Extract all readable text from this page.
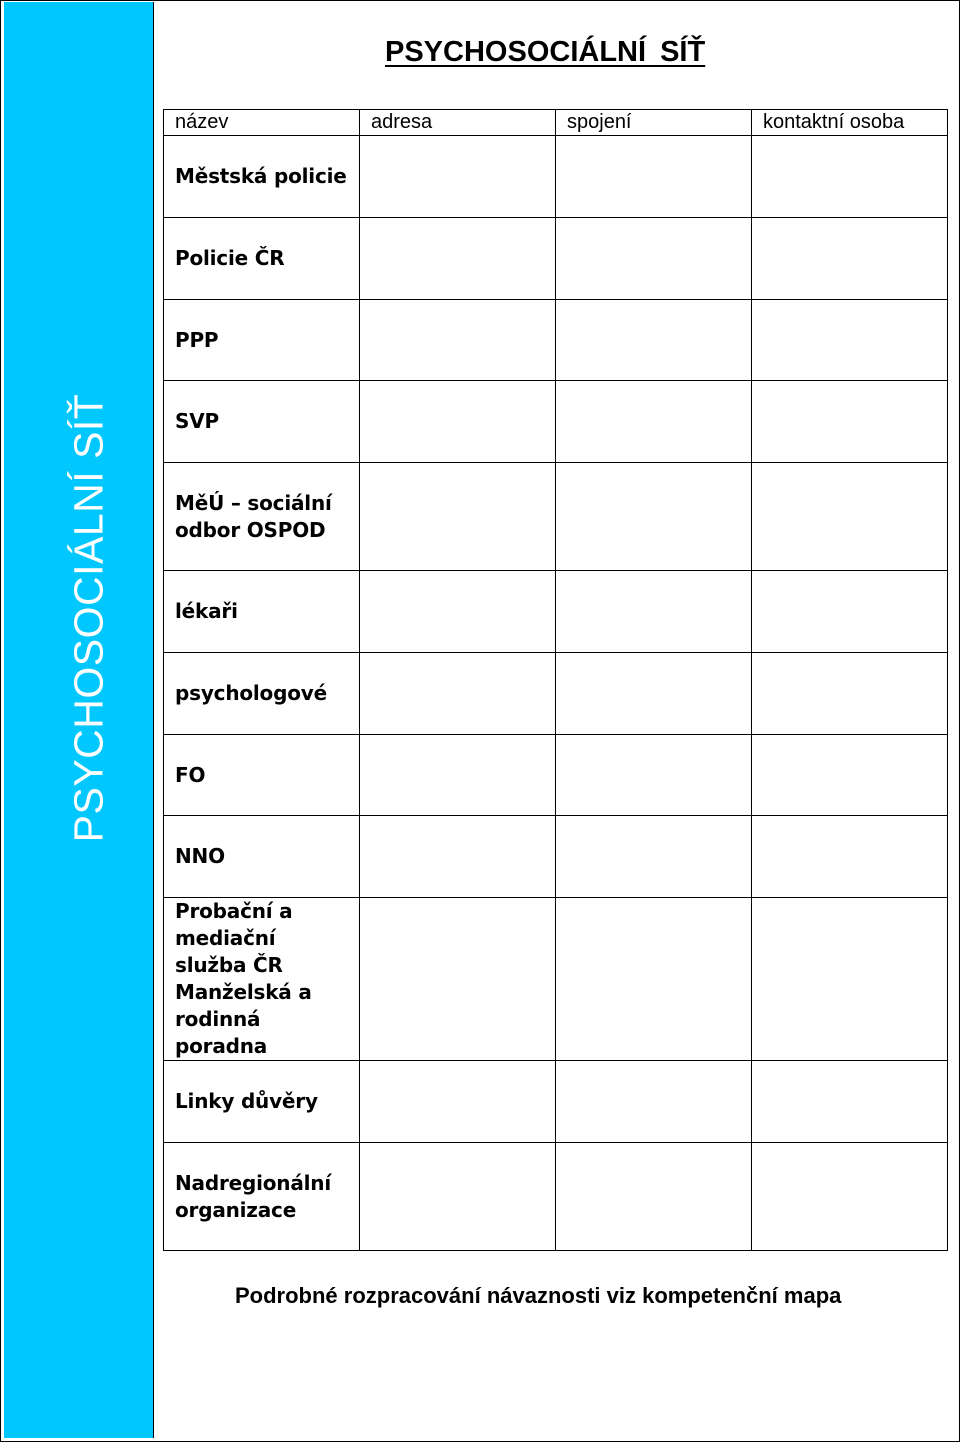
PSYCHOSOCIÁLNÍ SÍŤ
PSYCHOSOCIÁLNÍ SÍŤ
název	adresa	spojení	kontaktní osoba
Městská policie			
Policie ČR			
PPP			
SVP			
MěÚ – sociální odbor OSPOD			
lékaři			
psychologové			
FO			
NNO			
Probační a mediační služba ČR Manželská a rodinná poradna			
Linky důvěry			
Nadregionální organizace			
Podrobné rozpracování návaznosti viz kompetenční mapa
